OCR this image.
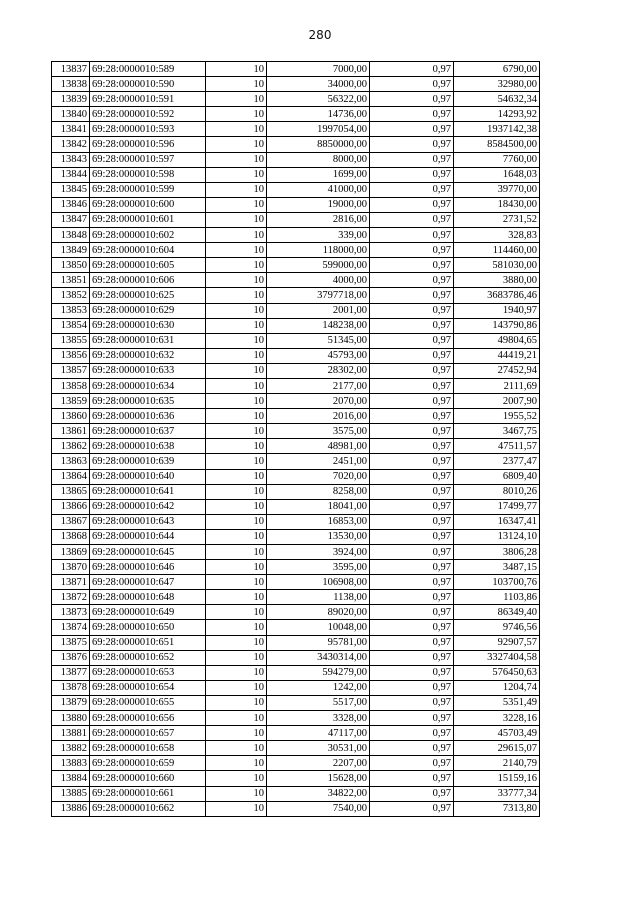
280
13837	69:28:0000010:589	10	7000,00	0,97	6790,00
13838	69:28:0000010:590	10	34000,00	0,97	32980,00
13839	69:28:0000010:591	10	56322,00	0,97	54632,34
13840	69:28:0000010:592	10	14736,00	0,97	14293,92
13841	69:28:0000010:593	10	1997054,00	0,97	1937142,38
13842	69:28:0000010:596	10	8850000,00	0,97	8584500,00
13843	69:28:0000010:597	10	8000,00	0,97	7760,00
13844	69:28:0000010:598	10	1699,00	0,97	1648,03
13845	69:28:0000010:599	10	41000,00	0,97	39770,00
13846	69:28:0000010:600	10	19000,00	0,97	18430,00
13847	69:28:0000010:601	10	2816,00	0,97	2731,52
13848	69:28:0000010:602	10	339,00	0,97	328,83
13849	69:28:0000010:604	10	118000,00	0,97	114460,00
13850	69:28:0000010:605	10	599000,00	0,97	581030,00
13851	69:28:0000010:606	10	4000,00	0,97	3880,00
13852	69:28:0000010:625	10	3797718,00	0,97	3683786,46
13853	69:28:0000010:629	10	2001,00	0,97	1940,97
13854	69:28:0000010:630	10	148238,00	0,97	143790,86
13855	69:28:0000010:631	10	51345,00	0,97	49804,65
13856	69:28:0000010:632	10	45793,00	0,97	44419,21
13857	69:28:0000010:633	10	28302,00	0,97	27452,94
13858	69:28:0000010:634	10	2177,00	0,97	2111,69
13859	69:28:0000010:635	10	2070,00	0,97	2007,90
13860	69:28:0000010:636	10	2016,00	0,97	1955,52
13861	69:28:0000010:637	10	3575,00	0,97	3467,75
13862	69:28:0000010:638	10	48981,00	0,97	47511,57
13863	69:28:0000010:639	10	2451,00	0,97	2377,47
13864	69:28:0000010:640	10	7020,00	0,97	6809,40
13865	69:28:0000010:641	10	8258,00	0,97	8010,26
13866	69:28:0000010:642	10	18041,00	0,97	17499,77
13867	69:28:0000010:643	10	16853,00	0,97	16347,41
13868	69:28:0000010:644	10	13530,00	0,97	13124,10
13869	69:28:0000010:645	10	3924,00	0,97	3806,28
13870	69:28:0000010:646	10	3595,00	0,97	3487,15
13871	69:28:0000010:647	10	106908,00	0,97	103700,76
13872	69:28:0000010:648	10	1138,00	0,97	1103,86
13873	69:28:0000010:649	10	89020,00	0,97	86349,40
13874	69:28:0000010:650	10	10048,00	0,97	9746,56
13875	69:28:0000010:651	10	95781,00	0,97	92907,57
13876	69:28:0000010:652	10	3430314,00	0,97	3327404,58
13877	69:28:0000010:653	10	594279,00	0,97	576450,63
13878	69:28:0000010:654	10	1242,00	0,97	1204,74
13879	69:28:0000010:655	10	5517,00	0,97	5351,49
13880	69:28:0000010:656	10	3328,00	0,97	3228,16
13881	69:28:0000010:657	10	47117,00	0,97	45703,49
13882	69:28:0000010:658	10	30531,00	0,97	29615,07
13883	69:28:0000010:659	10	2207,00	0,97	2140,79
13884	69:28:0000010:660	10	15628,00	0,97	15159,16
13885	69:28:0000010:661	10	34822,00	0,97	33777,34
13886	69:28:0000010:662	10	7540,00	0,97	7313,80
